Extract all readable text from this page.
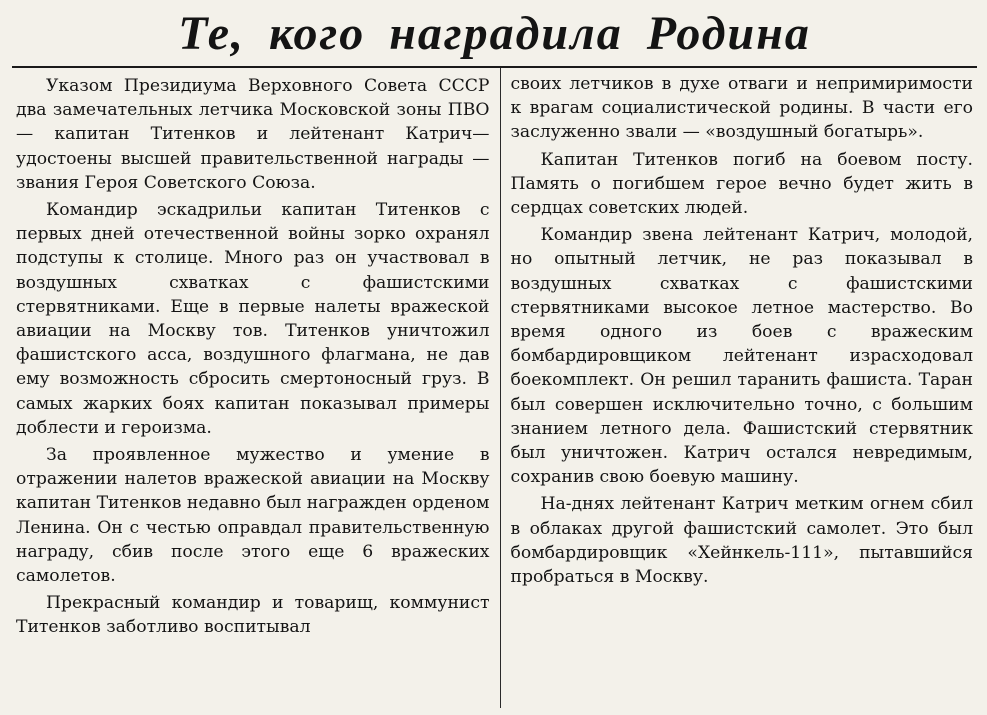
Те, кого наградила Родина

Указом Президиума Верховного Совета СССР два замечательных летчика Московской зоны ПВО — капитан Титенков и лейтенант Катрич—удостоены высшей правительственной награды — звания Героя Советского Союза.

Командир эскадрильи капитан Титенков с первых дней отечественной войны зорко охранял подступы к столице. Много раз он участвовал в воздушных схватках с фашистскими стервятниками. Еще в первые налеты вражеской авиации на Москву тов. Титенков уничтожил фашистского асса, воздушного флагмана, не дав ему возможность сбросить смертоносный груз. В самых жарких боях капитан показывал примеры доблести и героизма.

За проявленное мужество и умение в отражении налетов вражеской авиации на Москву капитан Титенков недавно был награжден орденом Ленина. Он с честью оправдал правительственную награду, сбив после этого еще 6 вражеских самолетов.

Прекрасный командир и товарищ, коммунист Титенков заботливо воспитывал

своих летчиков в духе отваги и непримиримости к врагам социалистической родины. В части его заслуженно звали — «воздушный богатырь».

Капитан Титенков погиб на боевом посту. Память о погибшем герое вечно будет жить в сердцах советских людей.

Командир звена лейтенант Катрич, молодой, но опытный летчик, не раз показывал в воздушных схватках с фашистскими стервятниками высокое летное мастерство. Во время одного из боев с вражеским бомбардировщиком лейтенант израсходовал боекомплект. Он решил таранить фашиста. Таран был совершен исключительно точно, с большим знанием летного дела. Фашистский стервятник был уничтожен. Катрич остался невредимым, сохранив свою боевую машину.

На-днях лейтенант Катрич метким огнем сбил в облаках другой фашистский самолет. Это был бомбардировщик «Хейнкель-111», пытавшийся пробраться в Москву.
